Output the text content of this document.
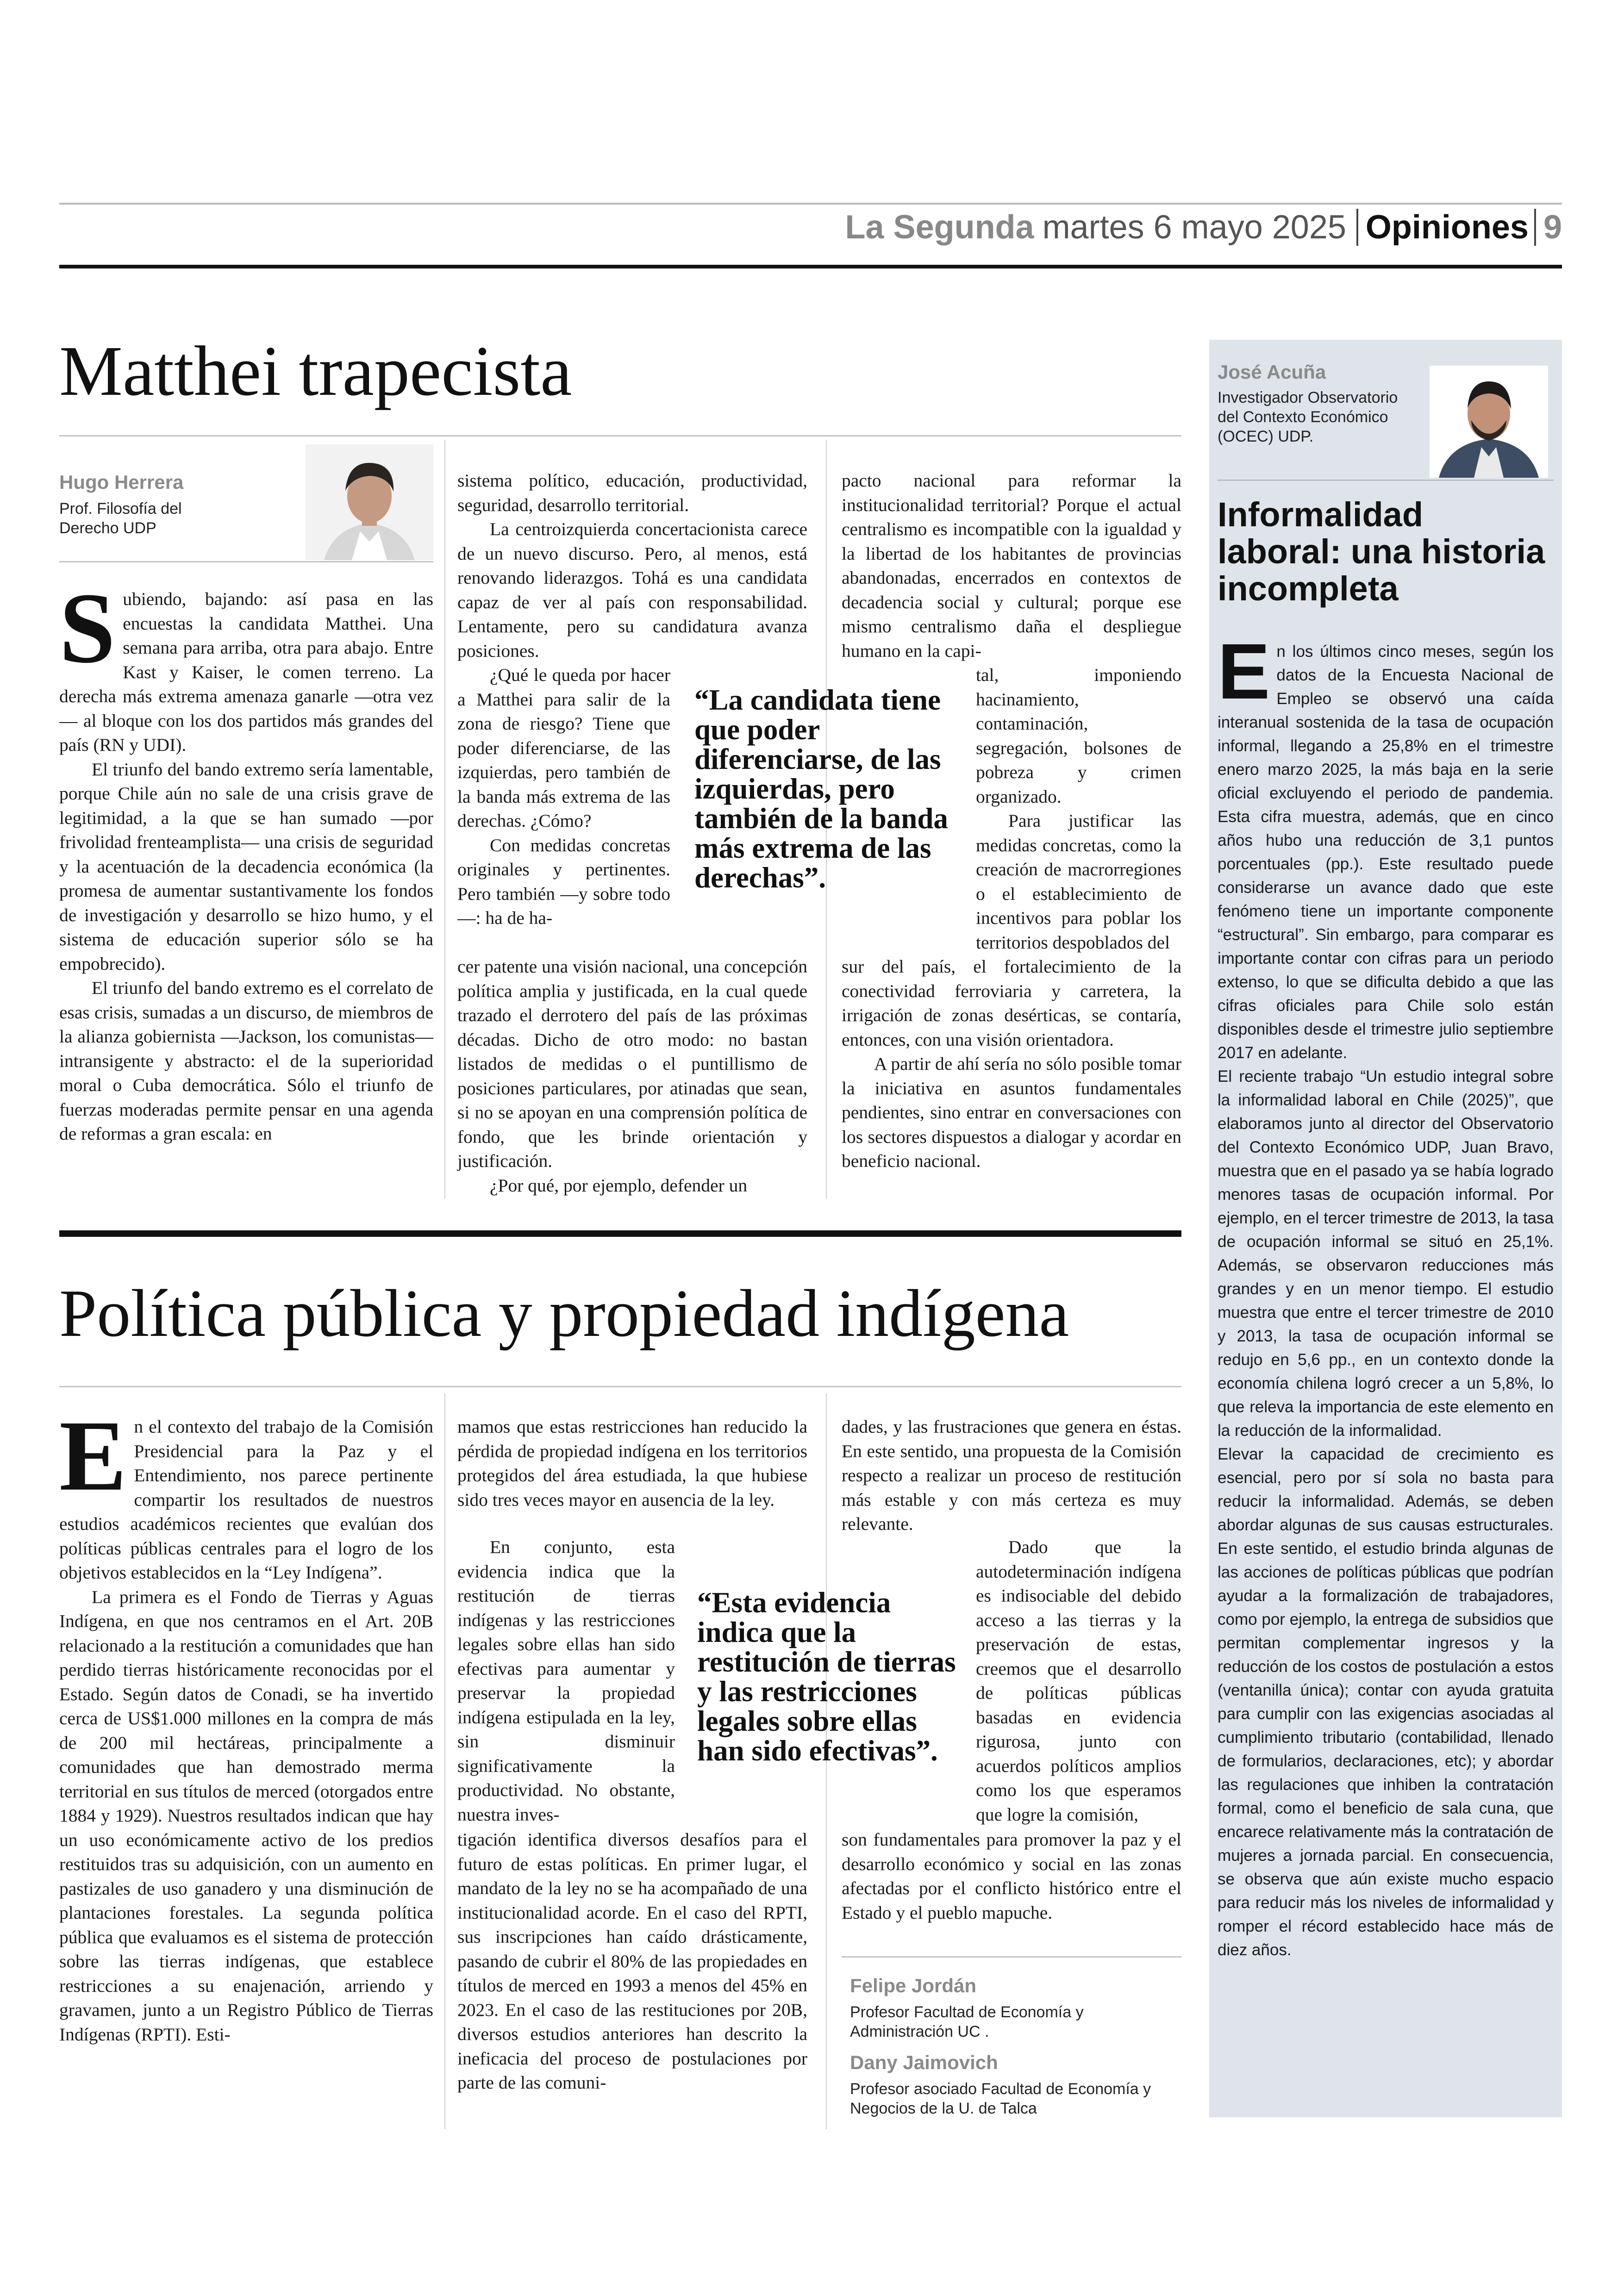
La Segunda martes 6 mayo 2025 Opiniones 9
Matthei trapecista
Hugo Herrera
Prof. Filosofía del Derecho UDP
S ubiendo, bajando: así pasa en las encuestas la candidata Matthei. Una semana para arriba, otra para abajo. Entre Kast y Kaiser, le comen terreno. La derecha más extrema amenaza ganarle —otra vez— al bloque con los dos partidos más grandes del país (RN y UDI).

El triunfo del bando extremo sería lamentable, porque Chile aún no sale de una crisis grave de legitimidad, a la que se han sumado —por frivolidad frenteamplista— una crisis de seguridad y la acentuación de la decadencia económica (la promesa de aumentar sustantivamente los fondos de investigación y desarrollo se hizo humo, y el sistema de educación superior sólo se ha empobrecido).

El triunfo del bando extremo es el correlato de esas crisis, sumadas a un discurso, de miembros de la alianza gobiernista —Jackson, los comunistas— intransigente y abstracto: el de la superioridad moral o Cuba democrática. Sólo el triunfo de fuerzas moderadas permite pensar en una agenda de reformas a gran escala: en

sistema político, educación, productividad, seguridad, desarrollo territorial.

La centroizquierda concertacionista carece de un nuevo discurso. Pero, al menos, está renovando liderazgos. Tohá es una candidata capaz de ver al país con responsabilidad. Lentamente, pero su candidatura avanza posiciones.

¿Qué le queda por hacer a Matthei para salir de la zona de riesgo? Tiene que poder diferenciarse, de las izquierdas, pero también de la banda más extrema de las derechas. ¿Cómo?

Con medidas concretas originales y pertinentes. Pero también —y sobre todo—: ha de ha-

cer patente una visión nacional, una concepción política amplia y justificada, en la cual quede trazado el derrotero del país de las próximas décadas. Dicho de otro modo: no bastan listados de medidas o el puntillismo de posiciones particulares, por atinadas que sean, si no se apoyan en una comprensión política de fondo, que les brinde orientación y justificación.

¿Por qué, por ejemplo, defender un

“La candidata tiene que poder diferenciarse, de las izquierdas, pero también de la banda más extrema de las derechas”.

pacto nacional para reformar la institucionalidad territorial? Porque el actual centralismo es incompatible con la igualdad y la libertad de los habitantes de provincias abandonadas, encerrados en contextos de decadencia social y cultural; porque ese mismo centralismo daña el despliegue humano en la capi-

tal, imponiendo hacinamiento, contaminación, segregación, bolsones de pobreza y crimen organizado.

Para justificar las medidas concretas, como la creación de macrorregiones o el establecimiento de incentivos para poblar los territorios despoblados del

sur del país, el fortalecimiento de la conectividad ferroviaria y carretera, la irrigación de zonas desérticas, se contaría, entonces, con una visión orientadora.

A partir de ahí sería no sólo posible tomar la iniciativa en asuntos fundamentales pendientes, sino entrar en conversaciones con los sectores dispuestos a dialogar y acordar en beneficio nacional.

Política pública y propiedad indígena
E n el contexto del trabajo de la Comisión Presidencial para la Paz y el Entendimiento, nos parece pertinente compartir los resultados de nuestros estudios académicos recientes que evalúan dos políticas públicas centrales para el logro de los objetivos establecidos en la “Ley Indígena”.

La primera es el Fondo de Tierras y Aguas Indígena, en que nos centramos en el Art. 20B relacionado a la restitución a comunidades que han perdido tierras históricamente reconocidas por el Estado. Según datos de Conadi, se ha invertido cerca de US$1.000 millones en la compra de más de 200 mil hectáreas, principalmente a comunidades que han demostrado merma territorial en sus títulos de merced (otorgados entre 1884 y 1929). Nuestros resultados indican que hay un uso económicamente activo de los predios restituidos tras su adquisición, con un aumento en pastizales de uso ganadero y una disminución de plantaciones forestales. La segunda política pública que evaluamos es el sistema de protección sobre las tierras indígenas, que establece restricciones a su enajenación, arriendo y gravamen, junto a un Registro Público de Tierras Indígenas (RPTI). Esti-

mamos que estas restricciones han reducido la pérdida de propiedad indígena en los territorios protegidos del área estudiada, la que hubiese sido tres veces mayor en ausencia de la ley.

En conjunto, esta evidencia indica que la restitución de tierras indígenas y las restricciones legales sobre ellas han sido efectivas para aumentar y preservar la propiedad indígena estipulada en la ley, sin disminuir significativamente la productividad. No obstante, nuestra inves-

tigación identifica diversos desafíos para el futuro de estas políticas. En primer lugar, el mandato de la ley no se ha acompañado de una institucionalidad acorde. En el caso del RPTI, sus inscripciones han caído drásticamente, pasando de cubrir el 80% de las propiedades en títulos de merced en 1993 a menos del 45% en 2023. En el caso de las restituciones por 20B, diversos estudios anteriores han descrito la ineficacia del proceso de postulaciones por parte de las comuni-

“Esta evidencia indica que la restitución de tierras y las restricciones legales sobre ellas han sido efectivas”.

dades, y las frustraciones que genera en éstas. En este sentido, una propuesta de la Comisión respecto a realizar un proceso de restitución más estable y con más certeza es muy relevante.

Dado que la autodeterminación indígena es indisociable del debido acceso a las tierras y la preservación de estas, creemos que el desarrollo de políticas públicas basadas en evidencia rigurosa, junto con acuerdos políticos amplios como los que esperamos que logre la comisión,

son fundamentales para promover la paz y el desarrollo económico y social en las zonas afectadas por el conflicto histórico entre el Estado y el pueblo mapuche.

Felipe Jordán
Profesor Facultad de Economía y Administración UC .
Dany Jaimovich
Profesor asociado Facultad de Economía y Negocios de la U. de Talca
José Acuña
Investigador Observatorio del Contexto Económico (OCEC) UDP.
Informalidad laboral: una historia incompleta
E n los últimos cinco meses, según los datos de la Encuesta Nacional de Empleo se observó una caída interanual sostenida de la tasa de ocupación informal, llegando a 25,8% en el trimestre enero marzo 2025, la más baja en la serie oficial excluyendo el periodo de pandemia. Esta cifra muestra, además, que en cinco años hubo una reducción de 3,1 puntos porcentuales (pp.). Este resultado puede considerarse un avance dado que este fenómeno tiene un importante componente “estructural”. Sin embargo, para comparar es importante contar con cifras para un periodo extenso, lo que se dificulta debido a que las cifras oficiales para Chile solo están disponibles desde el trimestre julio septiembre 2017 en adelante.

El reciente trabajo “Un estudio integral sobre la informalidad laboral en Chile (2025)”, que elaboramos junto al director del Observatorio del Contexto Económico UDP, Juan Bravo, muestra que en el pasado ya se había logrado menores tasas de ocupación informal. Por ejemplo, en el tercer trimestre de 2013, la tasa de ocupación informal se situó en 25,1%. Además, se observaron reducciones más grandes y en un menor tiempo. El estudio muestra que entre el tercer trimestre de 2010 y 2013, la tasa de ocupación informal se redujo en 5,6 pp., en un contexto donde la economía chilena logró crecer a un 5,8%, lo que releva la importancia de este elemento en la reducción de la informalidad.

Elevar la capacidad de crecimiento es esencial, pero por sí sola no basta para reducir la informalidad. Además, se deben abordar algunas de sus causas estructurales. En este sentido, el estudio brinda algunas de las acciones de políticas públicas que podrían ayudar a la formalización de trabajadores, como por ejemplo, la entrega de subsidios que permitan complementar ingresos y la reducción de los costos de postulación a estos (ventanilla única); contar con ayuda gratuita para cumplir con las exigencias asociadas al cumplimiento tributario (contabilidad, llenado de formularios, declaraciones, etc); y abordar las regulaciones que inhiben la contratación formal, como el beneficio de sala cuna, que encarece relativamente más la contratación de mujeres a jornada parcial. En consecuencia, se observa que aún existe mucho espacio para reducir más los niveles de informalidad y romper el récord establecido hace más de diez años.
